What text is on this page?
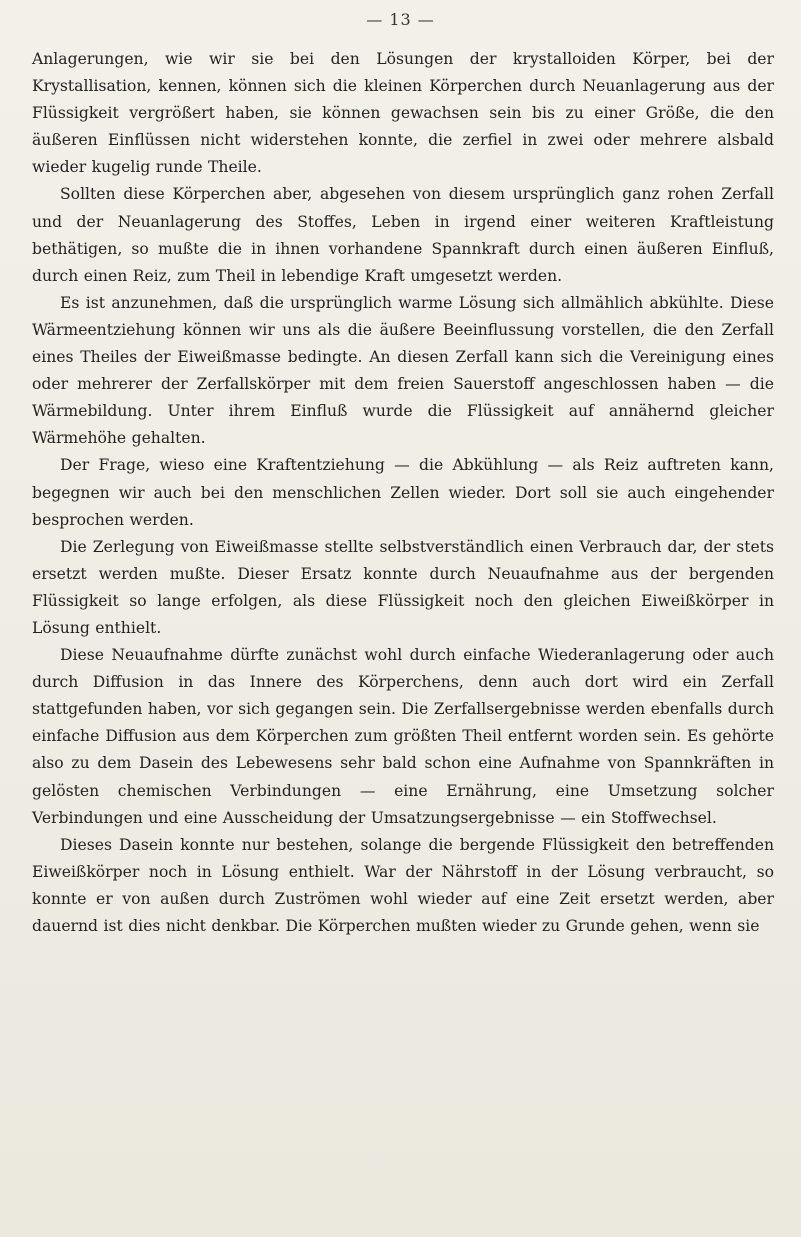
— 13 —

Anlagerungen, wie wir sie bei den Lösungen der krystalloiden Körper, bei der Krystallisation, kennen, können sich die kleinen Körperchen durch Neuanlagerung aus der Flüssigkeit vergrößert haben, sie können gewachsen sein bis zu einer Größe, die den äußeren Einflüssen nicht widerstehen konnte, die zerfiel in zwei oder mehrere alsbald wieder kugelig runde Theile.

Sollten diese Körperchen aber, abgesehen von diesem ursprünglich ganz rohen Zerfall und der Neuanlagerung des Stoffes, Leben in irgend einer weiteren Kraftleistung bethätigen, so mußte die in ihnen vorhandene Spannkraft durch einen äußeren Einfluß, durch einen Reiz, zum Theil in lebendige Kraft umgesetzt werden.

Es ist anzunehmen, daß die ursprünglich warme Lösung sich allmählich abkühlte. Diese Wärmeentziehung können wir uns als die äußere Beeinflussung vorstellen, die den Zerfall eines Theiles der Eiweißmasse bedingte. An diesen Zerfall kann sich die Vereinigung eines oder mehrerer der Zerfallskörper mit dem freien Sauerstoff angeschlossen haben — die Wärmebildung. Unter ihrem Einfluß wurde die Flüssigkeit auf annähernd gleicher Wärmehöhe gehalten.

Der Frage, wieso eine Kraftentziehung — die Abkühlung — als Reiz auftreten kann, begegnen wir auch bei den menschlichen Zellen wieder. Dort soll sie auch eingehender besprochen werden.

Die Zerlegung von Eiweißmasse stellte selbstverständlich einen Verbrauch dar, der stets ersetzt werden mußte. Dieser Ersatz konnte durch Neuaufnahme aus der bergenden Flüssigkeit so lange erfolgen, als diese Flüssigkeit noch den gleichen Eiweißkörper in Lösung enthielt.

Diese Neuaufnahme dürfte zunächst wohl durch einfache Wiederanlagerung oder auch durch Diffusion in das Innere des Körperchens, denn auch dort wird ein Zerfall stattgefunden haben, vor sich gegangen sein. Die Zerfallsergebnisse werden ebenfalls durch einfache Diffusion aus dem Körperchen zum größten Theil entfernt worden sein. Es gehörte also zu dem Dasein des Lebewesens sehr bald schon eine Aufnahme von Spannkräften in gelösten chemischen Verbindungen — eine Ernährung, eine Umsetzung solcher Verbindungen und eine Ausscheidung der Umsatzungsergebnisse — ein Stoffwechsel.

Dieses Dasein konnte nur bestehen, solange die bergende Flüssigkeit den betreffenden Eiweißkörper noch in Lösung enthielt. War der Nährstoff in der Lösung verbraucht, so konnte er von außen durch Zuströmen wohl wieder auf eine Zeit ersetzt werden, aber dauernd ist dies nicht denkbar. Die Körperchen mußten wieder zu Grunde gehen, wenn sie
